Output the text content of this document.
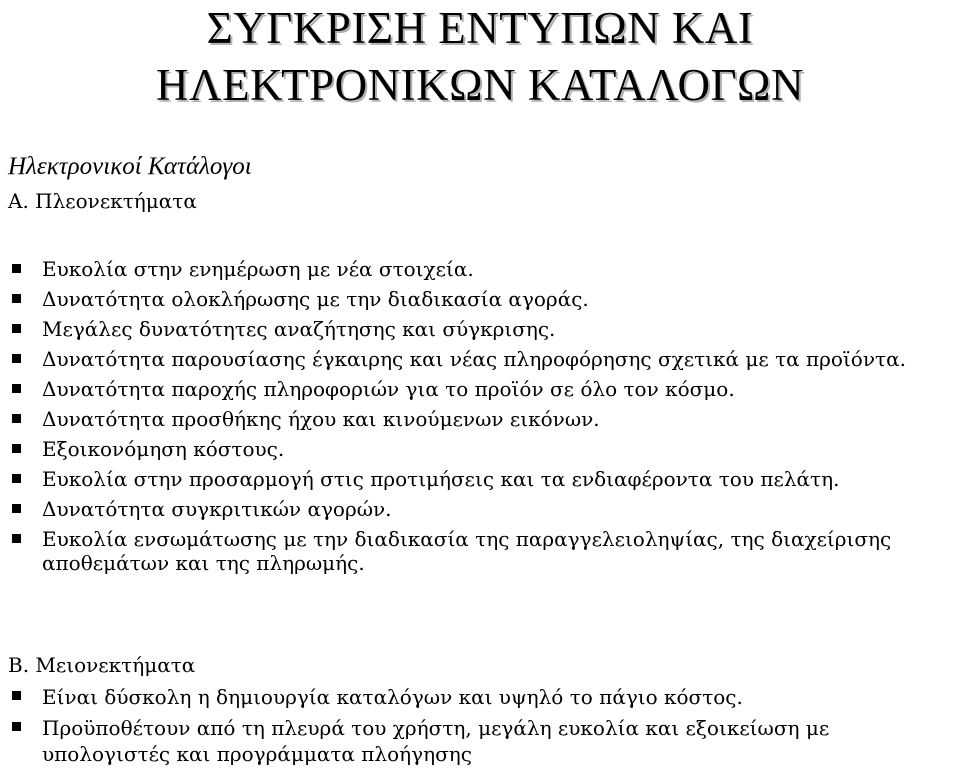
ΣΥΓΚΡΙΣΗ ΕΝΤΥΠΩΝ ΚΑΙ
ΗΛΕΚΤΡΟΝΙΚΩΝ ΚΑΤΑΛΟΓΩΝ
Ηλεκτρονικοί Κατάλογοι
Α. Πλεονεκτήματα
Ευκολία στην ενημέρωση με νέα στοιχεία.
Δυνατότητα ολοκλήρωσης με την διαδικασία αγοράς.
Μεγάλες δυνατότητες αναζήτησης και σύγκρισης.
Δυνατότητα παρουσίασης έγκαιρης και νέας πληροφόρησης σχετικά με τα προϊόντα.
Δυνατότητα παροχής πληροφοριών για το προϊόν σε όλο τον κόσμο.
Δυνατότητα προσθήκης ήχου και κινούμενων εικόνων.
Εξοικονόμηση κόστους.
Ευκολία στην προσαρμογή στις προτιμήσεις και τα ενδιαφέροντα του πελάτη.
Δυνατότητα συγκριτικών αγορών.
Ευκολία ενσωμάτωσης με την διαδικασία της παραγγελειοληψίας, της διαχείρισης αποθεμάτων και της πληρωμής.
Β. Μειονεκτήματα
Είναι δύσκολη η δημιουργία καταλόγων και υψηλό το πάγιο κόστος.
Προϋποθέτουν από τη πλευρά του χρήστη, μεγάλη ευκολία και εξοικείωση με υπολογιστές και προγράμματα πλοήγησης
